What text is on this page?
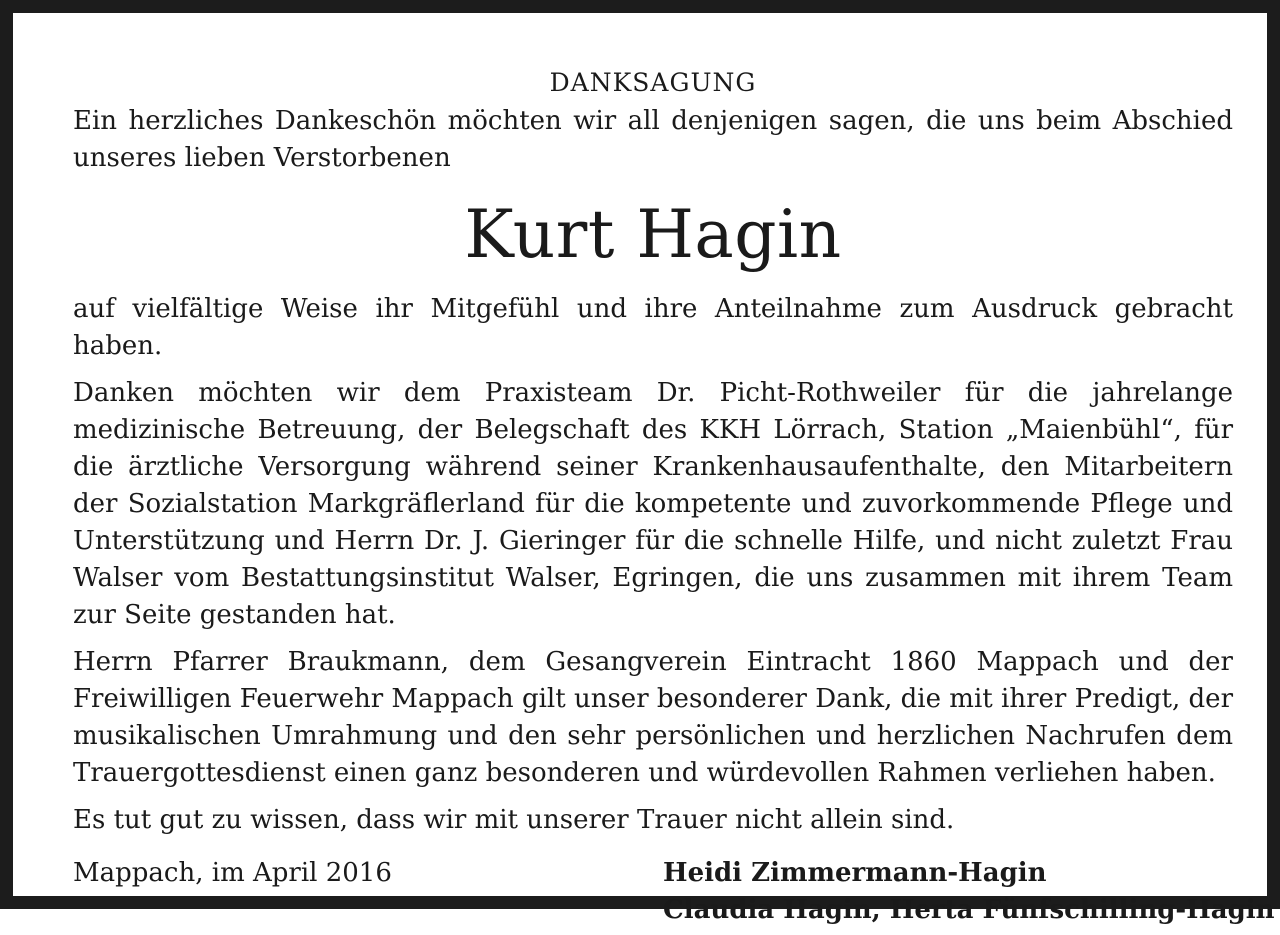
DANKSAGUNG

Ein herzliches Dankeschön möchten wir all denjenigen sagen, die uns beim Abschied unseres lieben Verstorbenen

Kurt Hagin

auf vielfältige Weise ihr Mitgefühl und ihre Anteilnahme zum Ausdruck gebracht haben.

Danken möchten wir dem Praxisteam Dr. Picht-Rothweiler für die jahrelange medizinische Betreuung, der Belegschaft des KKH Lörrach, Station „Maienbühl“, für die ärztliche Versorgung während seiner Krankenhausaufenthalte, den Mitarbeitern der Sozialstation Markgräflerland für die kompetente und zuvorkommende Pflege und Unterstützung und Herrn Dr. J. Gieringer für die schnelle Hilfe, und nicht zuletzt Frau Walser vom Bestattungsinstitut Walser, Egringen, die uns zusammen mit ihrem Team zur Seite gestanden hat.

Herrn Pfarrer Braukmann, dem Gesangverein Eintracht 1860 Mappach und der Freiwilligen Feuerwehr Mappach gilt unser besonderer Dank, die mit ihrer Predigt, der musikalischen Umrahmung und den sehr persönlichen und herzlichen Nachrufen dem Trauergottesdienst einen ganz besonderen und würdevollen Rahmen verliehen haben.

Es tut gut zu wissen, dass wir mit unserer Trauer nicht allein sind.

Mappach, im April 2016	Heidi Zimmermann-Hagin
Claudia Hagin, Herta Fünfschilling-Hagin
